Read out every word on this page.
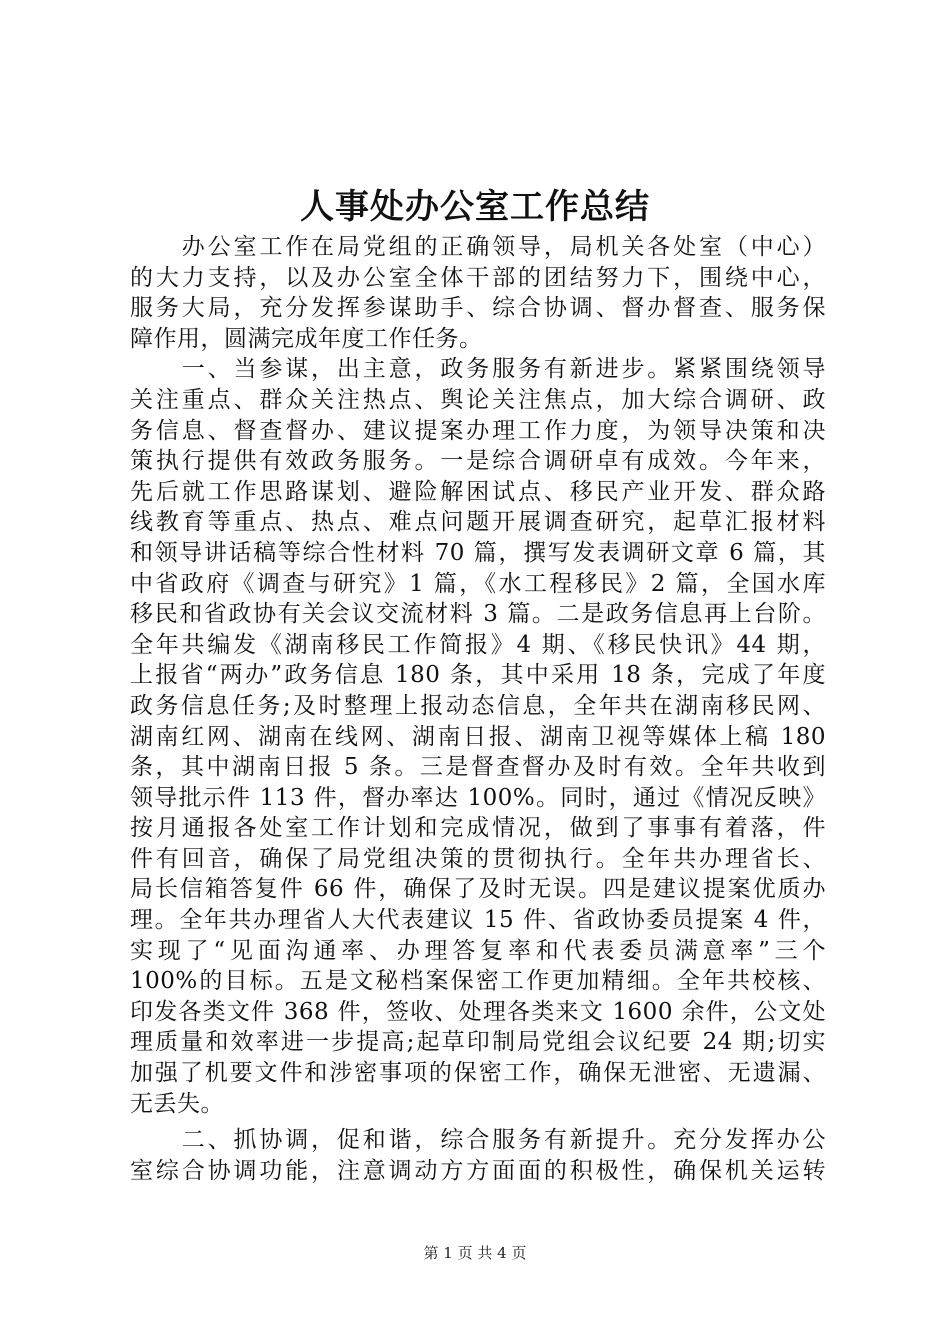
人事处办公室工作总结
　　办公室工作在局党组的正确领导，局机关各处室（中心）
的大力支持，以及办公室全体干部的团结努力下，围绕中心，
服务大局，充分发挥参谋助手、综合协调、督办督查、服务保
障作用，圆满完成年度工作任务。
　　一、当参谋，出主意，政务服务有新进步。紧紧围绕领导
关注重点、群众关注热点、舆论关注焦点，加大综合调研、政
务信息、督查督办、建议提案办理工作力度，为领导决策和决
策执行提供有效政务服务。一是综合调研卓有成效。今年来，
先后就工作思路谋划、避险解困试点、移民产业开发、群众路
线教育等重点、热点、难点问题开展调查研究，起草汇报材料
和领导讲话稿等综合性材料 70 篇，撰写发表调研文章 6 篇，其
中省政府《调查与研究》1 篇，《水工程移民》2 篇，全国水库
移民和省政协有关会议交流材料 3 篇。二是政务信息再上台阶。
全年共编发《湖南移民工作简报》4 期、《移民快讯》44 期，
上报省“两办”政务信息 180 条，其中采用 18 条，完成了年度
政务信息任务;及时整理上报动态信息，全年共在湖南移民网、
湖南红网、湖南在线网、湖南日报、湖南卫视等媒体上稿 180
条，其中湖南日报 5 条。三是督查督办及时有效。全年共收到
领导批示件 113 件，督办率达 100%。同时，通过《情况反映》
按月通报各处室工作计划和完成情况，做到了事事有着落，件
件有回音，确保了局党组决策的贯彻执行。全年共办理省长、
局长信箱答复件 66 件，确保了及时无误。四是建议提案优质办
理。全年共办理省人大代表建议 15 件、省政协委员提案 4 件，
实现了“见面沟通率、办理答复率和代表委员满意率”三个
100%的目标。五是文秘档案保密工作更加精细。全年共校核、
印发各类文件 368 件，签收、处理各类来文 1600 余件，公文处
理质量和效率进一步提高;起草印制局党组会议纪要 24 期;切实
加强了机要文件和涉密事项的保密工作，确保无泄密、无遗漏、
无丢失。
　　二、抓协调，促和谐，综合服务有新提升。充分发挥办公
室综合协调功能，注意调动方方面面的积极性，确保机关运转
第 1 页 共 4 页
